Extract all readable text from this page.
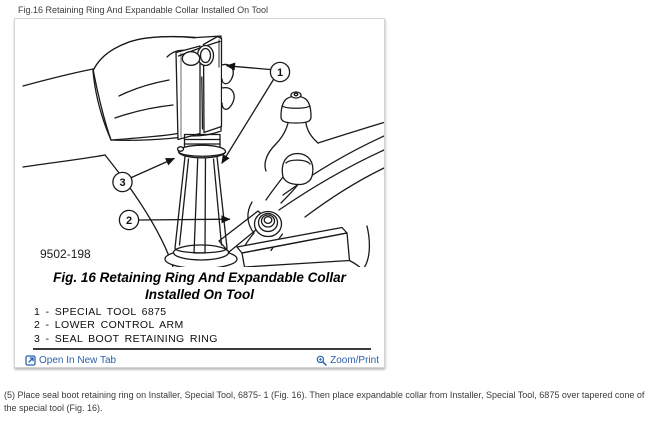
Fig.16 Retaining Ring And Expandable Collar Installed On Tool
1
3
2
9502-198
Fig. 16 Retaining Ring And Expandable Collar
Installed On Tool
1 - SPECIAL TOOL 6875
2 - LOWER CONTROL ARM
3 - SEAL BOOT RETAINING RING
Open In New Tab	Zoom/Print
(5) Place seal boot retaining ring on Installer, Special Tool, 6875- 1 (Fig. 16). Then place expandable collar from Installer, Special Tool, 6875 over tapered cone of the special tool (Fig. 16).
